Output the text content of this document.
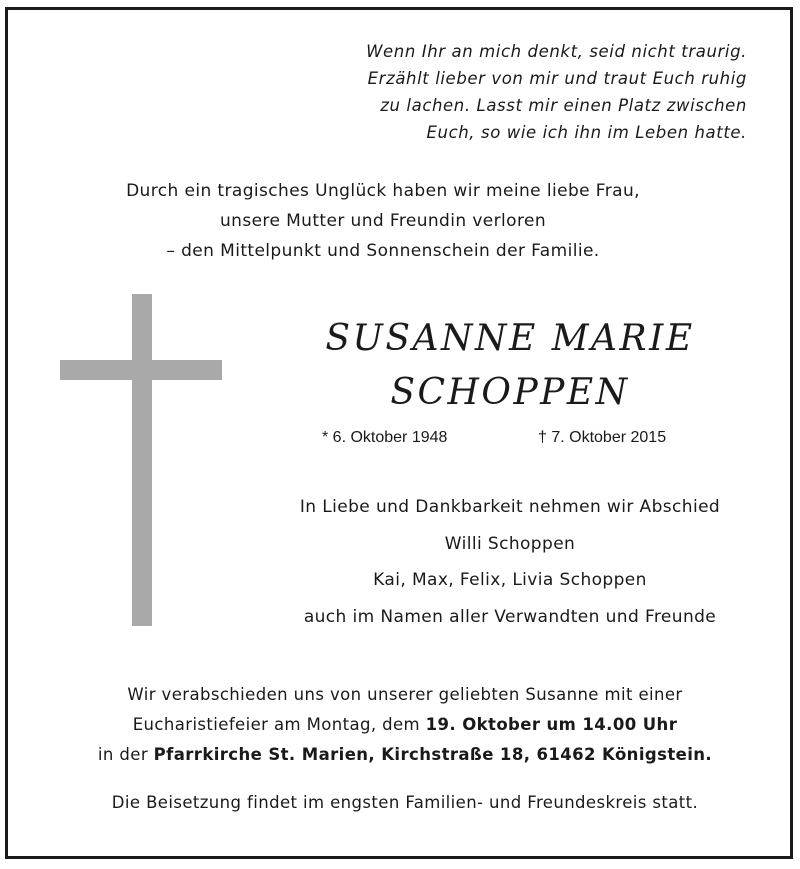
Wenn Ihr an mich denkt, seid nicht traurig.
Erzählt lieber von mir und traut Euch ruhig
zu lachen. Lasst mir einen Platz zwischen
Euch, so wie ich ihn im Leben hatte.
Durch ein tragisches Unglück haben wir meine liebe Frau,
unsere Mutter und Freundin verloren
– den Mittelpunkt und Sonnenschein der Familie.
SUSANNE MARIE
SCHOPPEN
* 6. Oktober 1948	† 7. Oktober 2015
In Liebe und Dankbarkeit nehmen wir Abschied
Willi Schoppen
Kai, Max, Felix, Livia Schoppen
auch im Namen aller Verwandten und Freunde
Wir verabschieden uns von unserer geliebten Susanne mit einer
Eucharistiefeier am Montag, dem 19. Oktober um 14.00 Uhr
in der Pfarrkirche St. Marien, Kirchstraße 18, 61462 Königstein.
Die Beisetzung findet im engsten Familien- und Freundeskreis statt.
